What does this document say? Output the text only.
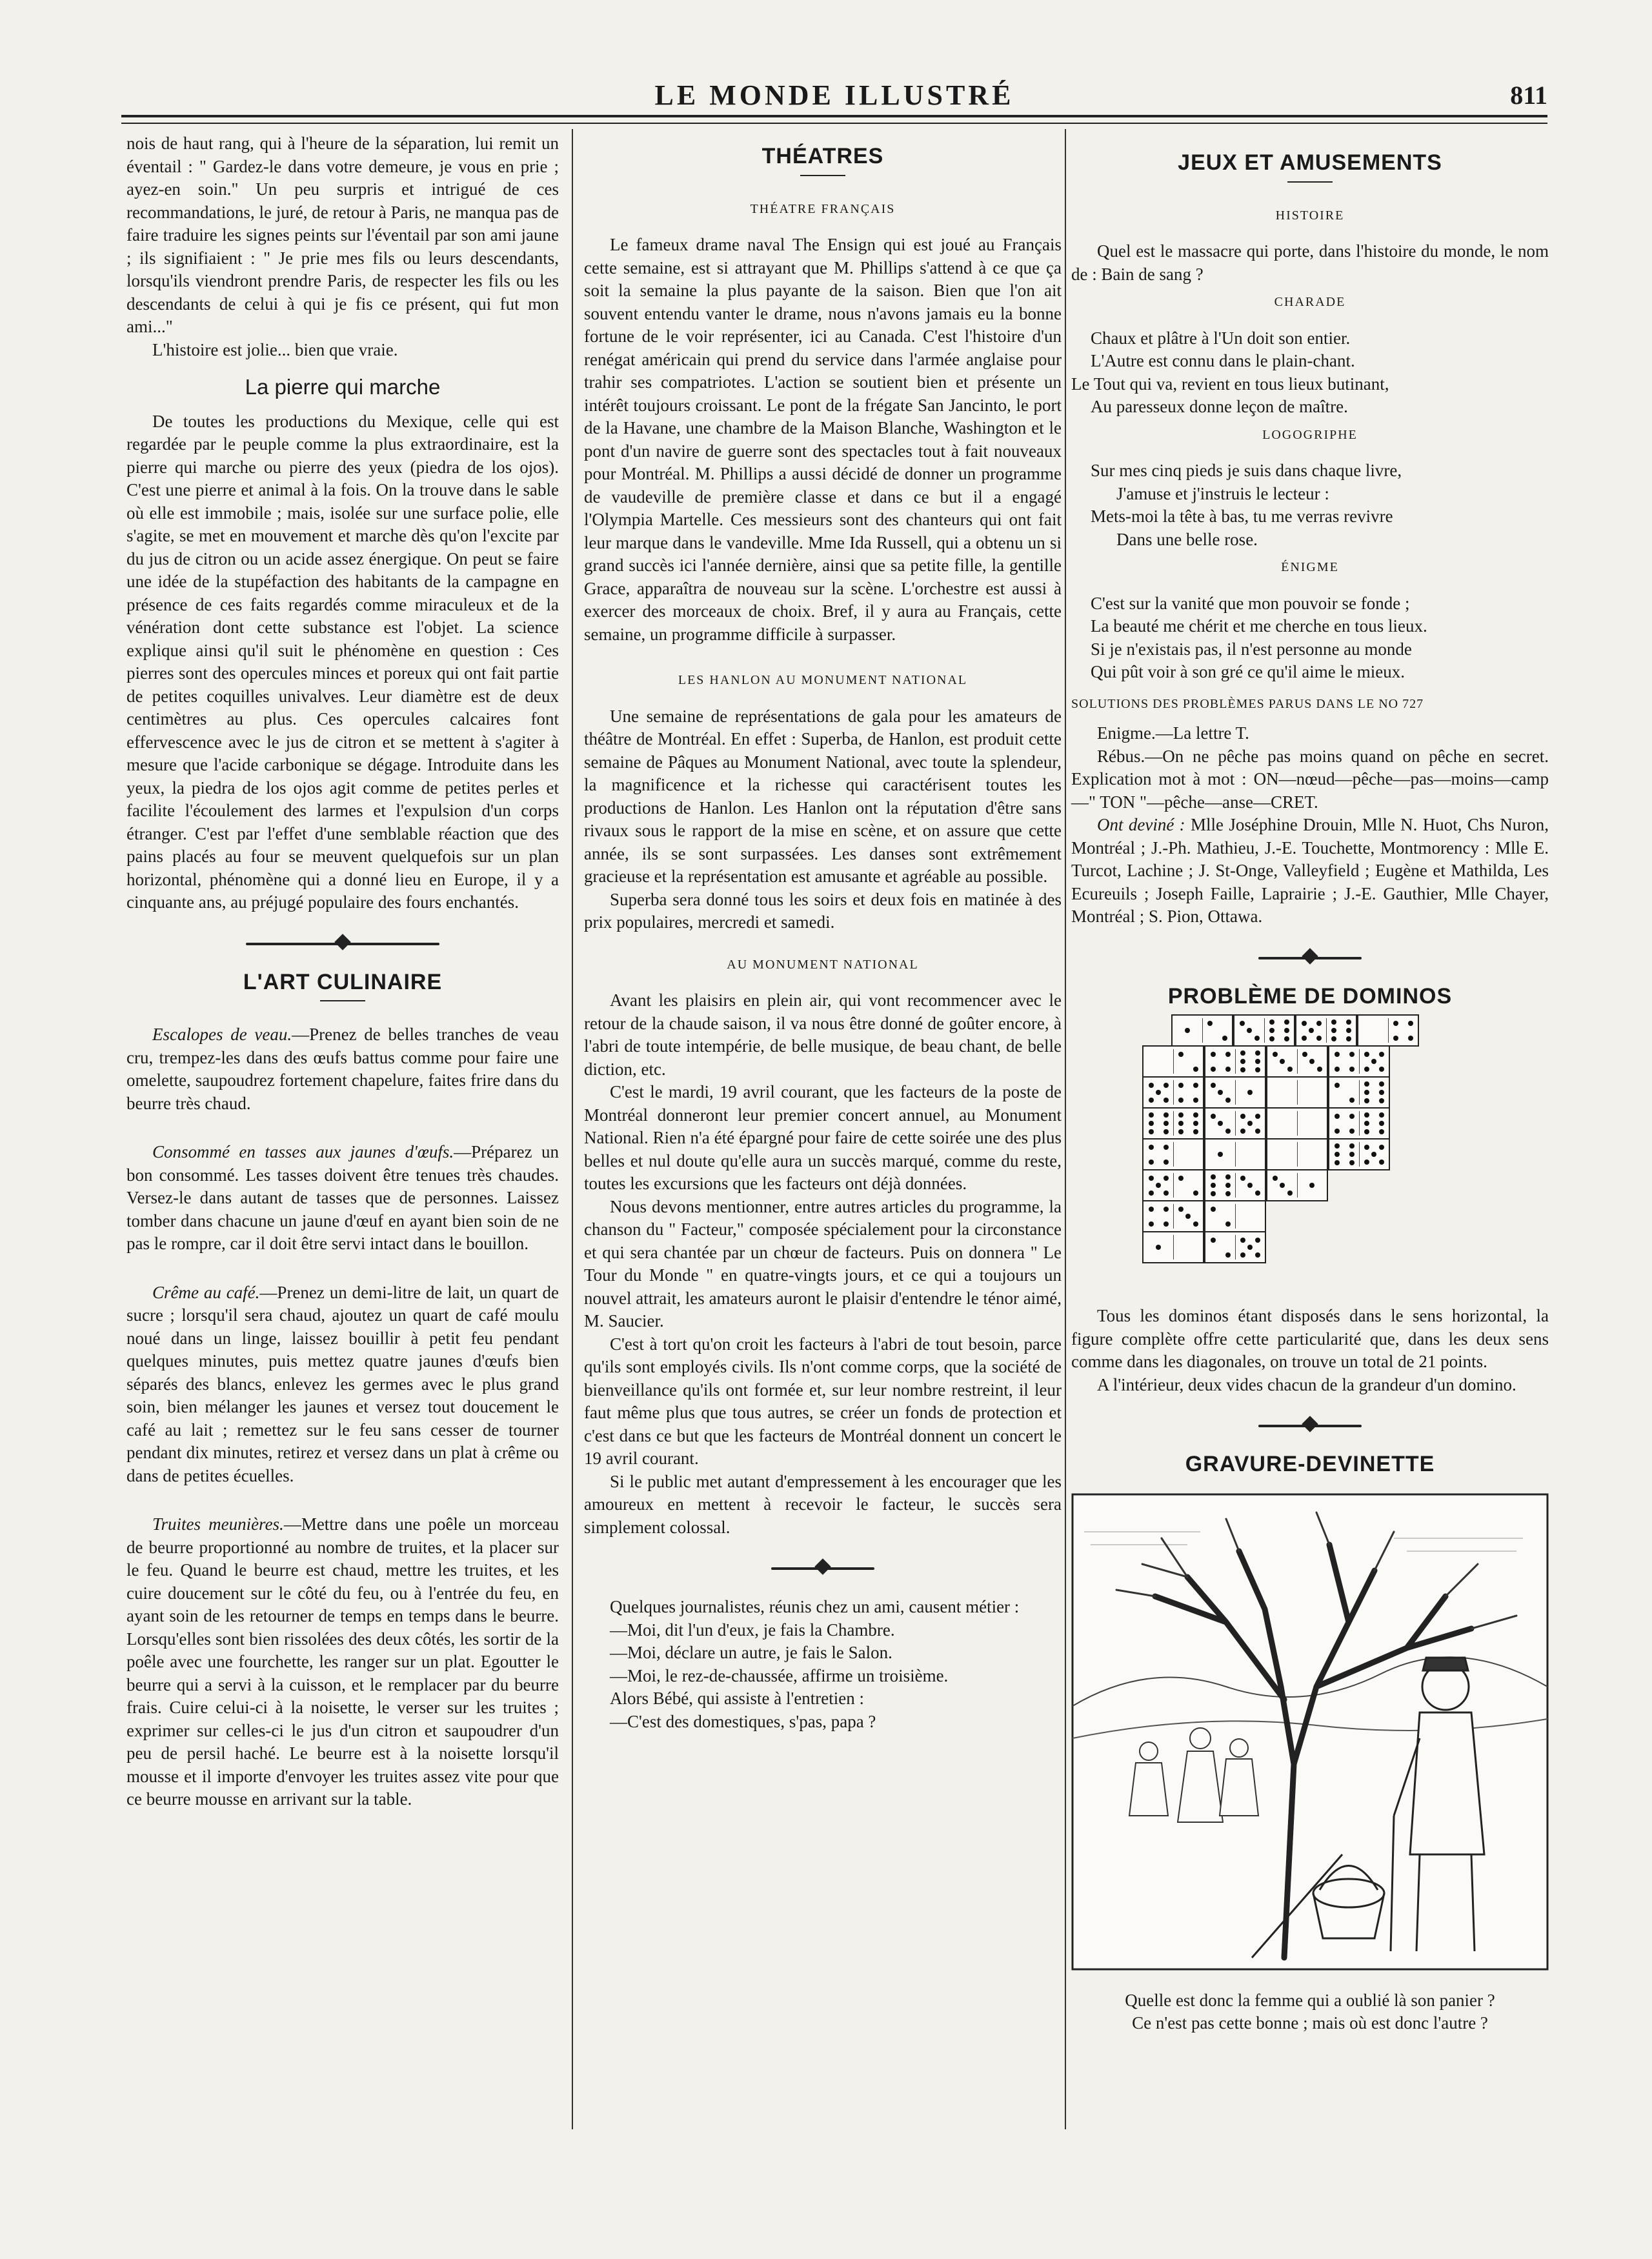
LE MONDE ILLUSTRÉ	811

nois de haut rang, qui à l'heure de la séparation, lui remit un éventail : " Gardez-le dans votre demeure, je vous en prie ; ayez-en soin." Un peu surpris et intrigué de ces recommandations, le juré, de retour à Paris, ne manqua pas de faire traduire les signes peints sur l'éventail par son ami jaune ; ils signifiaient : " Je prie mes fils ou leurs descendants, lorsqu'ils viendront prendre Paris, de respecter les fils ou les descendants de celui à qui je fis ce présent, qui fut mon ami..."

L'histoire est jolie... bien que vraie.

La pierre qui marche

De toutes les productions du Mexique, celle qui est regardée par le peuple comme la plus extraordinaire, est la pierre qui marche ou pierre des yeux (piedra de los ojos). C'est une pierre et animal à la fois. On la trouve dans le sable où elle est immobile ; mais, isolée sur une surface polie, elle s'agite, se met en mouvement et marche dès qu'on l'excite par du jus de citron ou un acide assez énergique. On peut se faire une idée de la stupéfaction des habitants de la campagne en présence de ces faits regardés comme miraculeux et de la vénération dont cette substance est l'objet. La science explique ainsi qu'il suit le phénomène en question : Ces pierres sont des opercules minces et poreux qui ont fait partie de petites coquilles univalves. Leur diamètre est de deux centimètres au plus. Ces opercules calcaires font effervescence avec le jus de citron et se mettent à s'agiter à mesure que l'acide carbonique se dégage. Introduite dans les yeux, la piedra de los ojos agit comme de petites perles et facilite l'écoulement des larmes et l'expulsion d'un corps étranger. C'est par l'effet d'une semblable réaction que des pains placés au four se meuvent quelquefois sur un plan horizontal, phénomène qui a donné lieu en Europe, il y a cinquante ans, au préjugé populaire des fours enchantés.

L'ART CULINAIRE

Escalopes de veau.—Prenez de belles tranches de veau cru, trempez-les dans des œufs battus comme pour faire une omelette, saupoudrez fortement chapelure, faites frire dans du beurre très chaud.

Consommé en tasses aux jaunes d'œufs.—Préparez un bon consommé. Les tasses doivent être tenues très chaudes. Versez-le dans autant de tasses que de personnes. Laissez tomber dans chacune un jaune d'œuf en ayant bien soin de ne pas le rompre, car il doit être servi intact dans le bouillon.

Crême au café.—Prenez un demi-litre de lait, un quart de sucre ; lorsqu'il sera chaud, ajoutez un quart de café moulu noué dans un linge, laissez bouillir à petit feu pendant quelques minutes, puis mettez quatre jaunes d'œufs bien séparés des blancs, enlevez les germes avec le plus grand soin, bien mélanger les jaunes et versez tout doucement le café au lait ; remettez sur le feu sans cesser de tourner pendant dix minutes, retirez et versez dans un plat à crême ou dans de petites écuelles.

Truites meunières.—Mettre dans une poêle un morceau de beurre proportionné au nombre de truites, et la placer sur le feu. Quand le beurre est chaud, mettre les truites, et les cuire doucement sur le côté du feu, ou à l'entrée du feu, en ayant soin de les retourner de temps en temps dans le beurre. Lorsqu'elles sont bien rissolées des deux côtés, les sortir de la poêle avec une fourchette, les ranger sur un plat. Egoutter le beurre qui a servi à la cuisson, et le remplacer par du beurre frais. Cuire celui-ci à la noisette, le verser sur les truites ; exprimer sur celles-ci le jus d'un citron et saupoudrer d'un peu de persil haché. Le beurre est à la noisette lorsqu'il mousse et il importe d'envoyer les truites assez vite pour que ce beurre mousse en arrivant sur la table.

THÉATRES
THÉATRE FRANÇAIS

Le fameux drame naval The Ensign qui est joué au Français cette semaine, est si attrayant que M. Phillips s'attend à ce que ça soit la semaine la plus payante de la saison. Bien que l'on ait souvent entendu vanter le drame, nous n'avons jamais eu la bonne fortune de le voir représenter, ici au Canada. C'est l'histoire d'un renégat américain qui prend du service dans l'armée anglaise pour trahir ses compatriotes. L'action se soutient bien et présente un intérêt toujours croissant. Le pont de la frégate San Jancinto, le port de la Havane, une chambre de la Maison Blanche, Washington et le pont d'un navire de guerre sont des spectacles tout à fait nouveaux pour Montréal. M. Phillips a aussi décidé de donner un programme de vaudeville de première classe et dans ce but il a engagé l'Olympia Martelle. Ces messieurs sont des chanteurs qui ont fait leur marque dans le vandeville. Mme Ida Russell, qui a obtenu un si grand succès ici l'année dernière, ainsi que sa petite fille, la gentille Grace, apparaîtra de nouveau sur la scène. L'orchestre est aussi à exercer des morceaux de choix. Bref, il y aura au Français, cette semaine, un programme difficile à surpasser.

LES HANLON AU MONUMENT NATIONAL

Une semaine de représentations de gala pour les amateurs de théâtre de Montréal. En effet : Superba, de Hanlon, est produit cette semaine de Pâques au Monument National, avec toute la splendeur, la magnificence et la richesse qui caractérisent toutes les productions de Hanlon. Les Hanlon ont la réputation d'être sans rivaux sous le rapport de la mise en scène, et on assure que cette année, ils se sont surpassées. Les danses sont extrêmement gracieuse et la représentation est amusante et agréable au possible.

Superba sera donné tous les soirs et deux fois en matinée à des prix populaires, mercredi et samedi.

AU MONUMENT NATIONAL

Avant les plaisirs en plein air, qui vont recommencer avec le retour de la chaude saison, il va nous être donné de goûter encore, à l'abri de toute intempérie, de belle musique, de beau chant, de belle diction, etc.

C'est le mardi, 19 avril courant, que les facteurs de la poste de Montréal donneront leur premier concert annuel, au Monument National. Rien n'a été épargné pour faire de cette soirée une des plus belles et nul doute qu'elle aura un succès marqué, comme du reste, toutes les excursions que les facteurs ont déjà données.

Nous devons mentionner, entre autres articles du programme, la chanson du " Facteur," composée spécialement pour la circonstance et qui sera chantée par un chœur de facteurs. Puis on donnera " Le Tour du Monde " en quatre-vingts jours, et ce qui a toujours un nouvel attrait, les amateurs auront le plaisir d'entendre le ténor aimé, M. Saucier.

C'est à tort qu'on croit les facteurs à l'abri de tout besoin, parce qu'ils sont employés civils. Ils n'ont comme corps, que la société de bienveillance qu'ils ont formée et, sur leur nombre restreint, il leur faut même plus que tous autres, se créer un fonds de protection et c'est dans ce but que les facteurs de Montréal donnent un concert le 19 avril courant.

Si le public met autant d'empressement à les encourager que les amoureux en mettent à recevoir le facteur, le succès sera simplement colossal.

Quelques journalistes, réunis chez un ami, causent métier :

—Moi, dit l'un d'eux, je fais la Chambre.

—Moi, déclare un autre, je fais le Salon.

—Moi, le rez-de-chaussée, affirme un troisième.

Alors Bébé, qui assiste à l'entretien :

—C'est des domestiques, s'pas, papa ?

JEUX ET AMUSEMENTS
HISTOIRE

Quel est le massacre qui porte, dans l'histoire du monde, le nom de : Bain de sang ?

CHARADE
Chaux et plâtre à l'Un doit son entier.
L'Autre est connu dans le plain-chant.
Le Tout qui va, revient en tous lieux butinant,
Au paresseux donne leçon de maître.
LOGOGRIPHE
Sur mes cinq pieds je suis dans chaque livre,
J'amuse et j'instruis le lecteur :
Mets-moi la tête à bas, tu me verras revivre
Dans une belle rose.
ÉNIGME
C'est sur la vanité que mon pouvoir se fonde ;
La beauté me chérit et me cherche en tous lieux.
Si je n'existais pas, il n'est personne au monde
Qui pût voir à son gré ce qu'il aime le mieux.
SOLUTIONS DES PROBLÈMES PARUS DANS LE NO 727

Enigme.—La lettre T.

Rébus.—On ne pêche pas moins quand on pêche en secret. Explication mot à mot : ON—nœud—pêche—pas—moins—camp—" TON "—pêche—anse—CRET.

Ont deviné : Mlle Joséphine Drouin, Mlle N. Huot, Chs Nuron, Montréal ; J.-Ph. Mathieu, J.-E. Touchette, Montmorency : Mlle E. Turcot, Lachine ; J. St-Onge, Valleyfield ; Eugène et Mathilda, Les Ecureuils ; Joseph Faille, Laprairie ; J.-E. Gauthier, Mlle Chayer, Montréal ; S. Pion, Ottawa.

PROBLÈME DE DOMINOS

Tous les dominos étant disposés dans le sens horizontal, la figure complète offre cette particularité que, dans les deux sens comme dans les diagonales, on trouve un total de 21 points.

A l'intérieur, deux vides chacun de la grandeur d'un domino.

GRAVURE-DEVINETTE
Quelle est donc la femme qui a oublié là son panier ?
Ce n'est pas cette bonne ; mais où est donc l'autre ?
